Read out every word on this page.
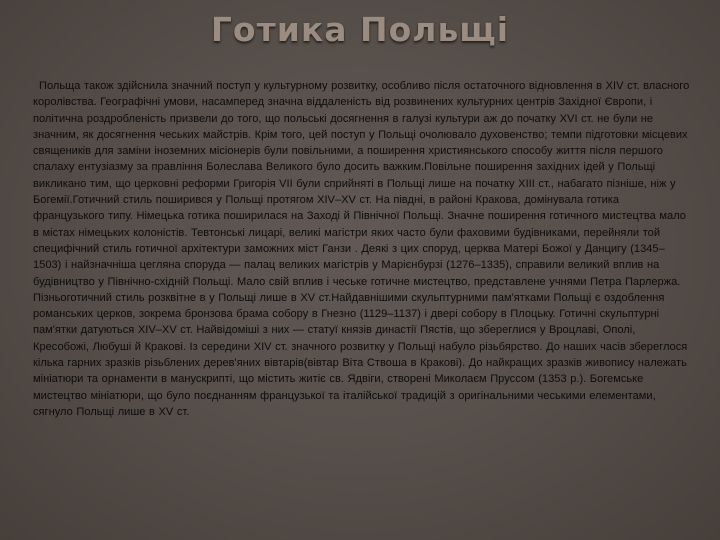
Готика Польщі

Польща також здійснила значний поступ у культурному розвитку, особливо після остаточного відновлення в XIV ст. власного королівства. Географічні умови, насамперед значна віддаленість від розвинених культурних центрів Західної Європи, і політична роздробленість призвели до того, що польські досягнення в галузі культури аж до початку XVI ст. не були не значним, як досягнення чеських майстрів. Крім того, цей поступ у Польщі очолювало духовенство; темпи підготовки місцевих священиків для заміни іноземних місіонерів були повільними, а поширення християнського способу життя після першого спалаху ентузіазму за правління Болеслава Великого було досить важким.Повільне поширення західних ідей у Польщі викликано тим, що церковні реформи Григорія VII були сприйняті в Польщі лише на початку XIII ст., набагато пізніше, ніж у Богемії.Готичний стиль поширився у Польщі протягом XIV–XV ст. На півдні, в районі Кракова, домінувала готика французького типу. Німецька готика поширилася на Заході й Північної Польщі. Значне поширення готичного мистецтва мало в містах німецьких колоністів. Тевтонські лицарі, великі магістри яких часто були фаховими будівниками, перейняли той специфічний стиль готичної архітектури заможних міст Ганзи . Деякі з цих споруд, церква Матері Божої у Данцигу (1345–1503) і найзначніша цегляна споруда — палац великих магістрів у Марієнбурзі (1276–1335), справили великий вплив на будівництво у Північно-східній Польщі. Мало свій вплив і чеське готичне мистецтво, представлене учнями Петра Парлержа. Пізньоготичний стиль розквітне в у Польщі лише в XV ст.Найдавнішими скульптурними пам'ятками Польщі є оздоблення романських церков, зокрема бронзова брама собору в Гнезно (1129–1137) і двері собору в Плоцьку. Готичні скульптурні пам'ятки датуються XIV–XV ст. Найвідоміші з них — статуї князів династії Пястів, що збереглися у Вроцлаві, Ополі, Кресобожі, Любуші й Кракові. Із середини XIV ст. значного розвитку у Польщі набуло різьбярство. До наших часів збереглося кілька гарних зразків різьблених дерев'яних вівтарів(вівтар Віта Ствоша в Кракові). До найкращих зразків живопису належать мініатюри та орнаменти в манускрипті, що містить житіє св. Ядвіги, створені Миколаєм Пруссом (1353 р.). Богемське мистецтво мініатюри, що було поєднанням французької та італійської традицій з оригінальними чеськими елементами, сягнуло Польщі лише в XV ст.
